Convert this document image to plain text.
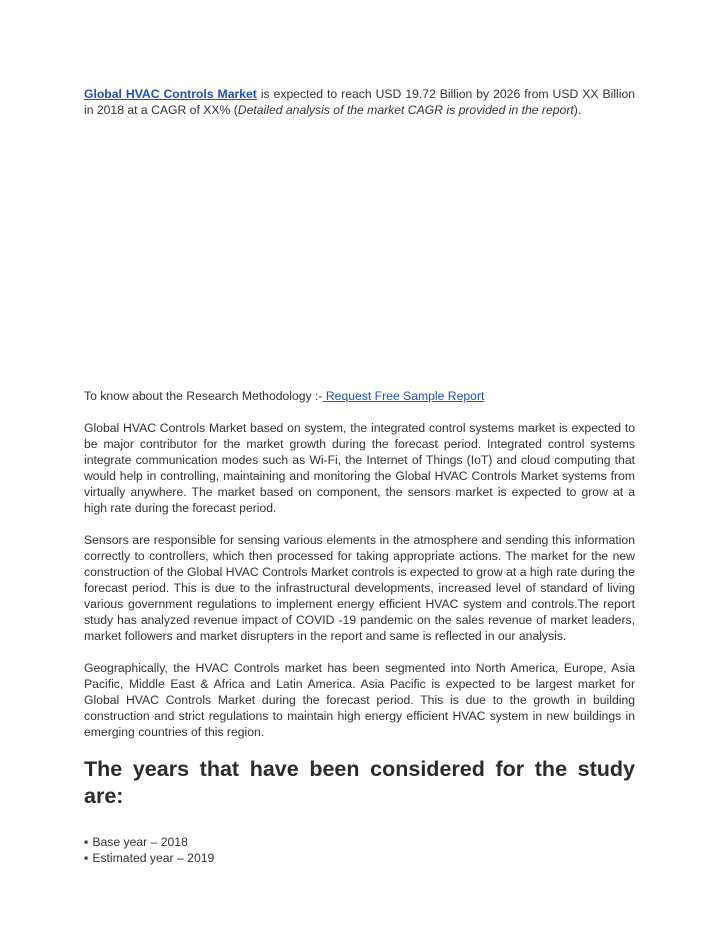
Global HVAC Controls Market is expected to reach USD 19.72 Billion by 2026 from USD XX Billion in 2018 at a CAGR of XX% (Detailed analysis of the market CAGR is provided in the report).

To know about the Research Methodology :- Request Free Sample Report

Global HVAC Controls Market based on system, the integrated control systems market is expected to be major contributor for the market growth during the forecast period. Integrated control systems integrate communication modes such as Wi-Fi, the Internet of Things (IoT) and cloud computing that would help in controlling, maintaining and monitoring the Global HVAC Controls Market systems from virtually anywhere. The market based on component, the sensors market is expected to grow at a high rate during the forecast period.

Sensors are responsible for sensing various elements in the atmosphere and sending this information correctly to controllers, which then processed for taking appropriate actions. The market for the new construction of the Global HVAC Controls Market controls is expected to grow at a high rate during the forecast period. This is due to the infrastructural developments, increased level of standard of living various government regulations to implement energy efficient HVAC system and controls.The report study has analyzed revenue impact of COVID -19 pandemic on the sales revenue of market leaders, market followers and market disrupters in the report and same is reflected in our analysis.

Geographically, the HVAC Controls market has been segmented into North America, Europe, Asia Pacific, Middle East & Africa and Latin America. Asia Pacific is expected to be largest market for Global HVAC Controls Market during the forecast period. This is due to the growth in building construction and strict regulations to maintain high energy efficient HVAC system in new buildings in emerging countries of this region.

The years that have been considered for the study are:
▪ Base year – 2018
▪ Estimated year – 2019
